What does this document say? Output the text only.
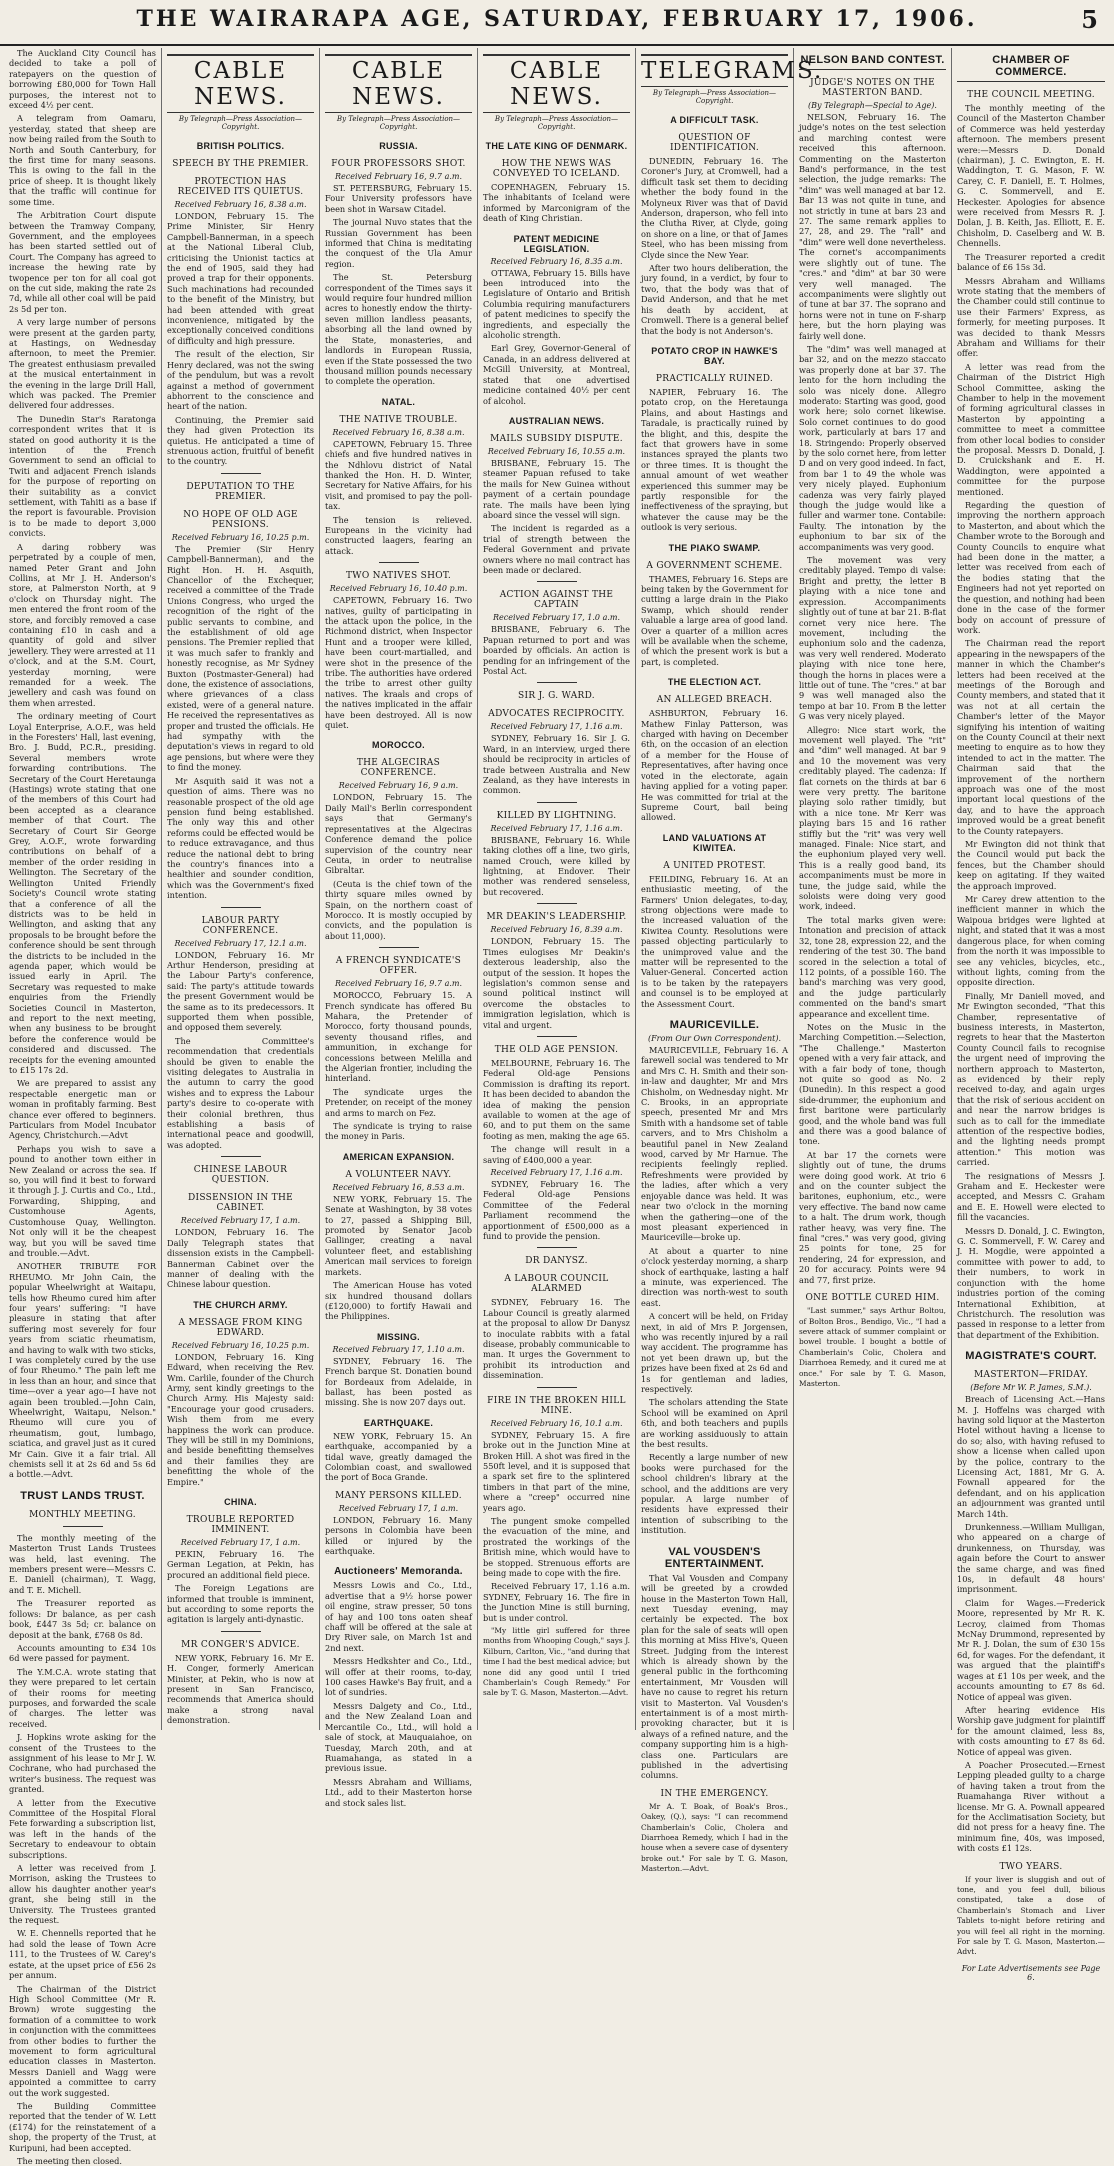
THE WAIRARAPA AGE, SATURDAY, FEBRUARY 17, 1906.	5

The Auckland City Council has decided to take a poll of ratepayers on the question of borrowing £80,000 for Town Hall purposes, the interest not to exceed 4½ per cent.

A telegram from Oamaru, yesterday, stated that sheep are now being railed from the South to North and South Canterbury, for the first time for many seasons. This is owing to the fall in the price of sheep. It is thought likely that the traffic will continue for some time.

The Arbitration Court dispute between the Tramway Company, Government, and the employees has been started settled out of Court. The Company has agreed to increase the hewing rate by twopence per ton for all coal got on the cut side, making the rate 2s 7d, while all other coal will be paid 2s 5d per ton.

A very large number of persons were present at the garden party, at Hastings, on Wednesday afternoon, to meet the Premier. The greatest enthusiasm prevailed at the musical entertainment in the evening in the large Drill Hall, which was packed. The Premier delivered four addresses.

The Dunedin Star's Raratonga correspondent writes that it is stated on good authority it is the intention of the French Government to send an official to Twiti and adjacent French islands for the purpose of reporting on their suitability as a convict settlement, with Tahiti as a base if the report is favourable. Provision is to be made to deport 3,000 convicts.

A daring robbery was perpetrated by a couple of men, named Peter Grant and John Collins, at Mr J. H. Anderson's store, at Palmerston North, at 9 o'clock on Thursday night. The men entered the front room of the store, and forcibly removed a case containing £10 in cash and a quantity of gold and silver jewellery. They were arrested at 11 o'clock, and at the S.M. Court, yesterday morning, were remanded for a week. The jewellery and cash was found on them when arrested.

The ordinary meeting of Court Loyal Enterprise, A.O.F., was held in the Foresters' Hall, last evening, Bro. J. Budd, P.C.R., presiding. Several members wrote forwarding contributions. The Secretary of the Court Heretaunga (Hastings) wrote stating that one of the members of this Court had been accepted as a clearance member of that Court. The Secretary of Court Sir George Grey, A.O.F., wrote forwarding contributions on behalf of a member of the order residing in Wellington. The Secretary of the Wellington United Friendly Society's Council wrote stating that a conference of all the districts was to be held in Wellington, and asking that any proposals to be brought before the conference should be sent through the districts to be included in the agenda paper, which would be issued early in April. The Secretary was requested to make enquiries from the Friendly Societies Council in Masterton, and report to the next meeting, when any business to be brought before the conference would be considered and discussed. The receipts for the evening amounted to £15 17s 2d.

We are prepared to assist any respectable energetic man or woman in profitably farming. Best chance ever offered to beginners. Particulars from Model Incubator Agency, Christchurch.—Advt

Perhaps you wish to save a pound to another town either in New Zealand or across the sea. If so, you will find it best to forward it through J. J. Curtis and Co., Ltd., Forwarding, Shipping, and Customhouse Agents, Customhouse Quay, Wellington. Not only will it be the cheapest way, but you will be saved time and trouble.—Advt.

ANOTHER TRIBUTE FOR RHEUMO. Mr John Cain, the popular Wheelwright at Waitapu, tells how Rheumo cured him after four years' suffering: "I have pleasure in stating that after suffering most severely for four years from sciatic rheumatism, and having to walk with two sticks, I was completely cured by the use of four Rheumo." The pain left me in less than an hour, and since that time—over a year ago—I have not again been troubled.—John Cain, Wheelwright, Waitapu, Nelson." Rheumo will cure you of rheumatism, gout, lumbago, sciatica, and gravel just as it cured Mr Cain. Give it a fair trial. All chemists sell it at 2s 6d and 5s 6d a bottle.—Advt.

TRUST LANDS TRUST.
MONTHLY MEETING.

The monthly meeting of the Masterton Trust Lands Trustees was held, last evening. The members present were—Messrs C. E. Daniell (chairman), T. Wagg, and T. E. Michell.

The Treasurer reported as follows: Dr balance, as per cash book, £447 3s 5d; cr. balance on deposit at the bank, £768 0s 8d.

Accounts amounting to £34 10s 6d were passed for payment.

The Y.M.C.A. wrote stating that they were prepared to let certain of their rooms for meeting purposes, and forwarded the scale of charges. The letter was received.

J. Hopkins wrote asking for the consent of the Trustees to the assignment of his lease to Mr J. W. Cochrane, who had purchased the writer's business. The request was granted.

A letter from the Executive Committee of the Hospital Floral Fete forwarding a subscription list, was left in the hands of the Secretary to endeavour to obtain subscriptions.

A letter was received from J. Morrison, asking the Trustees to allow his daughter another year's grant, she being still in the University. The Trustees granted the request.

W. E. Chennells reported that he had sold the lease of Town Acre 111, to the Trustees of W. Carey's estate, at the upset price of £56 2s per annum.

The Chairman of the District High School Committee (Mr R. Brown) wrote suggesting the formation of a committee to work in conjunction with the committees from other bodies to further the movement to form agricultural education classes in Masterton. Messrs Daniell and Wagg were appointed a committee to carry out the work suggested.

The Building Committee reported that the tender of W. Lett (£174) for the reinstatement of a shop, the property of the Trust, at Kuripuni, had been accepted.

The meeting then closed.

CABLE NEWS.
By Telegraph—Press Association—Copyright.
BRITISH POLITICS.
SPEECH BY THE PREMIER.
PROTECTION HAS RECEIVED ITS QUIETUS.
Received February 16, 8.38 a.m.

LONDON, February 15. The Prime Minister, Sir Henry Campbell-Bannerman, in a speech at the National Liberal Club, criticising the Unionist tactics at the end of 1905, said they had proved a trap for their opponents. Such machinations had recounded to the benefit of the Ministry, but had been attended with great inconvenience, mitigated by the exceptionally conceived conditions of difficulty and high pressure.

The result of the election, Sir Henry declared, was not the swing of the pendulum, but was a revolt against a method of government abhorrent to the conscience and heart of the nation.

Continuing, the Premier said they had given Protection its quietus. He anticipated a time of strenuous action, fruitful of benefit to the country.

DEPUTATION TO THE PREMIER.
NO HOPE OF OLD AGE PENSIONS.
Received February 16, 10.25 p.m.

The Premier (Sir Henry Campbell-Bannerman), and the Right Hon. H. H. Asquith, Chancellor of the Exchequer, received a committee of the Trade Unions Congress, who urged the recognition of the right of the public servants to combine, and the establishment of old age pensions. The Premier replied that it was much safer to frankly and honestly recognise, as Mr Sydney Buxton (Postmaster-General) had done, the existence of associations, where grievances of a class existed, were of a general nature. He received the representatives as proper and trusted the officials. He had sympathy with the deputation's views in regard to old age pensions, but where were they to find the money.

Mr Asquith said it was not a question of aims. There was no reasonable prospect of the old age pension fund being established. The only way this and other reforms could be effected would be to reduce extravagance, and thus reduce the national debt to bring the country's finances into a healthier and sounder condition, which was the Government's fixed intention.

LABOUR PARTY CONFERENCE.
Received February 17, 12.1 a.m.

LONDON, February 16. Mr Arthur Henderson, presiding at the Labour Party's conference, said: The party's attitude towards the present Government would be the same as to its predecessors. It supported them when possible, and opposed them severely.

The Committee's recommendation that credentials should be given to enable the visiting delegates to Australia in the autumn to carry the good wishes and to express the Labour party's desire to co-operate with their colonial brethren, thus establishing a basis of international peace and goodwill, was adopted.

CHINESE LABOUR QUESTION.
DISSENSION IN THE CABINET.
Received February 17, 1 a.m.

LONDON, February 16. The Daily Telegraph states that dissension exists in the Campbell-Bannerman Cabinet over the manner of dealing with the Chinese labour question.

THE CHURCH ARMY.
A MESSAGE FROM KING EDWARD.
Received February 16, 10.25 p.m.

LONDON, February 16. King Edward, when receiving the Rev. Wm. Carlile, founder of the Church Army, sent kindly greetings to the Church Army. His Majesty said: "Encourage your good crusaders. Wish them from me every happiness the work can produce. They will be still in my Dominions, and beside benefitting themselves and their families they are benefitting the whole of the Empire."

CHINA.
TROUBLE REPORTED IMMINENT.
Received February 17, 1 a.m.

PEKIN, February 16. The German Legation, at Pekin, has procured an additional field piece.

The Foreign Legations are informed that trouble is imminent, but according to some reports the agitation is largely anti-dynastic.

MR CONGER'S ADVICE.

NEW YORK, February 16. Mr E. H. Conger, formerly American Minister, at Pekin, who is now at present in San Francisco, recommends that America should make a strong naval demonstration.

CABLE NEWS.
By Telegraph—Press Association—Copyright.
RUSSIA.
FOUR PROFESSORS SHOT.
Received February 16, 9.7 a.m.

ST. PETERSBURG, February 15. Four University professors have been shot in Warsaw Citadel.

The journal Nuvo states that the Russian Government has been informed that China is meditating the conquest of the Ula Amur region.

The St. Petersburg correspondent of the Times says it would require four hundred million acres to honestly endow the thirty-seven million landless peasants, absorbing all the land owned by the State, monasteries, and landlords in European Russia, even if the State possessed the two thousand million pounds necessary to complete the operation.

NATAL.
THE NATIVE TROUBLE.
Received February 16, 8.38 a.m.

CAPETOWN, February 15. Three chiefs and five hundred natives in the Ndhlovu district of Natal thanked the Hon. H. D. Winter, Secretary for Native Affairs, for his visit, and promised to pay the poll-tax.

The tension is relieved. Europeans in the vicinity had constructed laagers, fearing an attack.

TWO NATIVES SHOT.
Received February 16, 10.40 p.m.

CAPETOWN, February 16. Two natives, guilty of participating in the attack upon the police, in the Richmond district, when Inspector Hunt and a trooper were killed, have been court-martialled, and were shot in the presence of the tribe. The authorities have ordered the tribe to arrest other guilty natives. The kraals and crops of the natives implicated in the affair have been destroyed. All is now quiet.

MOROCCO.
THE ALGECIRAS CONFERENCE.
Received February 16, 9 a.m.

LONDON, February 15. The Daily Mail's Berlin correspondent says that Germany's representatives at the Algeciras Conference demand the police supervision of the country near Ceuta, in order to neutralise Gibraltar.

(Ceuta is the chief town of the thirty square miles owned by Spain, on the northern coast of Morocco. It is mostly occupied by convicts, and the population is about 11,000).

A FRENCH SYNDICATE'S OFFER.
Received February 16, 9.7 a.m.

MOROCCO, February 15. A French syndicate has offered Bu Mahara, the Pretender of Morocco, forty thousand pounds, seventy thousand rifles, and ammunition, in exchange for concessions between Melilla and the Algerian frontier, including the hinterland.

The syndicate urges the Pretender, on receipt of the money and arms to march on Fez.

The syndicate is trying to raise the money in Paris.

AMERICAN EXPANSION.
A VOLUNTEER NAVY.
Received February 16, 8.53 a.m.

NEW YORK, February 15. The Senate at Washington, by 38 votes to 27, passed a Shipping Bill, promoted by Senator Jacob Gallinger, creating a naval volunteer fleet, and establishing American mail services to foreign markets.

The American House has voted six hundred thousand dollars (£120,000) to fortify Hawaii and the Philippines.

MISSING.
Received February 17, 1.10 a.m.

SYDNEY, February 16. The French barque St. Donatien bound for Bordeaux from Adelaide, in ballast, has been posted as missing. She is now 207 days out.

EARTHQUAKE.

NEW YORK, February 15. An earthquake, accompanied by a tidal wave, greatly damaged the Colombian coast, and swallowed the port of Boca Grande.

MANY PERSONS KILLED.
Received February 17, 1 a.m.

LONDON, February 16. Many persons in Colombia have been killed or injured by the earthquake.

Auctioneers' Memoranda.

Messrs Lowis and Co., Ltd., advertise that a 9½ horse power oil engine, straw presser, 50 tons of hay and 100 tons oaten sheaf chaff will be offered at the sale at Dry River sale, on March 1st and 2nd next.

Messrs Hedkshter and Co., Ltd., will offer at their rooms, to-day, 100 cases Hawke's Bay fruit, and a lot of sundries.

Messrs Dalgety and Co., Ltd., and the New Zealand Loan and Mercantile Co., Ltd., will hold a sale of stock, at Mauquaiahoe, on Tuesday, March 20th, and at Ruamahanga, as stated in a previous issue.

Messrs Abraham and Williams, Ltd., add to their Masterton horse and stock sales list.

CABLE NEWS.
By Telegraph—Press Association—Copyright.
THE LATE KING OF DENMARK.
HOW THE NEWS WAS CONVEYED TO ICELAND.

COPENHAGEN, February 15. The inhabitants of Iceland were informed by Marconigram of the death of King Christian.

PATENT MEDICINE LEGISLATION.
Received February 16, 8.35 a.m.

OTTAWA, February 15. Bills have been introduced into the Legislature of Ontario and British Columbia requiring manufacturers of patent medicines to specify the ingredients, and especially the alcoholic strength.

Earl Grey, Governor-General of Canada, in an address delivered at McGill University, at Montreal, stated that one advertised medicine contained 40½ per cent of alcohol.

AUSTRALIAN NEWS.
MAILS SUBSIDY DISPUTE.
Received February 16, 10.55 a.m.

BRISBANE, February 15. The steamer Papuan refused to take the mails for New Guinea without payment of a certain poundage rate. The mails have been lying aboard since the vessel will sign.

The incident is regarded as a trial of strength between the Federal Government and private owners where no mail contract has been made or declared.

ACTION AGAINST THE CAPTAIN
Received February 17, 1.0 a.m.

BRISBANE, February 6. The Papuan returned to port and was boarded by officials. An action is pending for an infringement of the Postal Act.

SIR J. G. WARD.
ADVOCATES RECIPROCITY.
Received February 17, 1.16 a.m.

SYDNEY, February 16. Sir J. G. Ward, in an interview, urged there should be reciprocity in articles of trade between Australia and New Zealand, as they have interests in common.

KILLED BY LIGHTNING.
Received February 17, 1.16 a.m.

BRISBANE, February 16. While taking clothes off a line, two girls, named Crouch, were killed by lightning, at Endover. Their mother was rendered senseless, but recovered.

MR DEAKIN'S LEADERSHIP.
Received February 16, 8.39 a.m.

LONDON, February 15. The Times eulogises Mr Deakin's dexterous leadership, also the output of the session. It hopes the legislation's common sense and sound political instinct will overcome the obstacles to immigration legislation, which is vital and urgent.

THE OLD AGE PENSION.

MELBOURNE, February 16. The Federal Old-age Pensions Commission is drafting its report. It has been decided to abandon the idea of making the pension available to women at the age of 60, and to put them on the same footing as men, making the age 65.

The change will result in a saving of £400,000 a year.

Received February 17, 1.16 a.m.

SYDNEY, February 16. The Federal Old-age Pensions Committee of the Federal Parliament recommend the apportionment of £500,000 as a fund to provide the pension.

DR DANYSZ.
A LABOUR COUNCIL ALARMED

SYDNEY, February 16. The Labour Council is greatly alarmed at the proposal to allow Dr Danysz to inoculate rabbits with a fatal disease, probably communicable to man. It urges the Government to prohibit its introduction and dissemination.

FIRE IN THE BROKEN HILL MINE.
Received February 16, 10.1 a.m.

SYDNEY, February 15. A fire broke out in the Junction Mine at Broken Hill. A shot was fired in the 550ft level, and it is supposed that a spark set fire to the splintered timbers in that part of the mine, where a "creep" occurred nine years ago.

The pungent smoke compelled the evacuation of the mine, and prostrated the workings of the British mine, which would have to be stopped. Strenuous efforts are being made to cope with the fire.

Received February 17, 1.16 a.m. SYDNEY, February 16. The fire in the Junction Mine is still burning, but is under control.

"My little girl suffered for three months from Whooping Cough," says J. Kilburn, Carlton, Vic., "and during that time I had the best medical advice; but none did any good until I tried Chamberlain's Cough Remedy." For sale by T. G. Mason, Masterton.—Advt.

TELEGRAMS.
By Telegraph—Press Association—Copyright.
A DIFFICULT TASK.
QUESTION OF IDENTIFICATION.

DUNEDIN, February 16. The Coroner's Jury, at Cromwell, had a difficult task set them to deciding whether the body found in the Molyneux River was that of David Anderson, draperson, who fell into the Clutha River, at Clyde, going on shore on a line, or that of James Steel, who has been missing from Clyde since the New Year.

After two hours deliberation, the jury found, in a verdict, by four to two, that the body was that of David Anderson, and that he met his death by accident, at Cromwell. There is a general belief that the body is not Anderson's.

POTATO CROP IN HAWKE'S BAY.
PRACTICALLY RUINED.

NAPIER, February 16. The potato crop, on the Heretaunga Plains, and about Hastings and Taradale, is practically ruined by the blight, and this, despite the fact that growers have in some instances sprayed the plants two or three times. It is thought the annual amount of wet weather experienced this summer may be partly responsible for the ineffectiveness of the spraying, but whatever the cause may be the outlook is very serious.

THE PIAKO SWAMP.
A GOVERNMENT SCHEME.

THAMES, February 16. Steps are being taken by the Government for cutting a large drain in the Piako Swamp, which should render valuable a large area of good land. Over a quarter of a million acres will be available when the scheme, of which the present work is but a part, is completed.

THE ELECTION ACT.
AN ALLEGED BREACH.

ASHBURTON, February 16. Mathew Finlay Patterson, was charged with having on December 6th, on the occasion of an election of a member for the House of Representatives, after having once voted in the electorate, again having applied for a voting paper. He was committed for trial at the Supreme Court, bail being allowed.

LAND VALUATIONS AT KIWITEA.
A UNITED PROTEST.

FEILDING, February 16. At an enthusiastic meeting, of the Farmers' Union delegates, to-day, strong objections were made to the increased valuation of the Kiwitea County. Resolutions were passed objecting particularly to the unimproved value and the matter will be represented to the Valuer-General. Concerted action is to be taken by the ratepayers and counsel is to be employed at the Assessment Court.

MAURICEVILLE.
(From Our Own Correspondent).

MAURICEVILLE, February 16. A farewell social was tendered to Mr and Mrs C. H. Smith and their son-in-law and daughter, Mr and Mrs Chisholm, on Wednesday night. Mr C. Brooks, in an appropriate speech, presented Mr and Mrs Smith with a handsome set of table carvers, and to Mrs Chisholm a beautiful panel in New Zealand wood, carved by Mr Harnue. The recipients feelingly replied. Refreshments were provided by the ladies, after which a very enjoyable dance was held. It was near two o'clock in the morning when the gathering—one of the most pleasant experienced in Mauriceville—broke up.

At about a quarter to nine o'clock yesterday morning, a sharp shock of earthquake, lasting a half a minute, was experienced. The direction was north-west to south east.

A concert will be held, on Friday next, in aid of Mrs P. Jorgensen, who was recently injured by a rail way accident. The programme has not yet been drawn up, but the prizes have been fixed at 2s 6d and 1s for gentleman and ladies, respectively.

The scholars attending the State School will be examined on April 6th, and both teachers and pupils are working assiduously to attain the best results.

Recently a large number of new books were purchased for the school children's library at the school, and the additions are very popular. A large number of residents have expressed their intention of subscribing to the institution.

VAL VOUSDEN'S ENTERTAINMENT.

That Val Vousden and Company will be greeted by a crowded house in the Masterton Town Hall, next Tuesday evening, may certainly be expected. The box plan for the sale of seats will open this morning at Miss Hive's, Queen Street. Judging from the interest which is already shown by the general public in the forthcoming entertainment, Mr Vousden will have no cause to regret his return visit to Masterton. Val Vousden's entertainment is of a most mirth-provoking character, but it is always of a refined nature, and the company supporting him is a high-class one. Particulars are published in the advertising columns.

IN THE EMERGENCY.

Mr A. T. Boak, of Boak's Bros., Oakey, (Q.), says: "I can recommend Chamberlain's Colic, Cholera and Diarrhoea Remedy, which I had in the house when a severe case of dysentery broke out." For sale by T. G. Mason, Masterton.—Advt.

NELSON BAND CONTEST.
JUDGE'S NOTES ON THE MASTERTON BAND.
(By Telegraph—Special to Age).

NELSON, February 16. The judge's notes on the test selection and marching contest were received this afternoon. Commenting on the Masterton Band's performance, in the test selection, the judge remarks: The "dim" was well managed at bar 12. Bar 13 was not quite in tune, and not strictly in tune at bars 23 and 27. The same remark applies to 27, 28, and 29. The "rall" and "dim" were well done nevertheless. The cornet's accompaniments were slightly out of tune. The "cres." and "dim" at bar 30 were very well managed. The accompaniments were slightly out of tune at bar 37. The soprano and horns were not in tune on F-sharp here, but the horn playing was fairly well done.

The "dim" was well managed at bar 32, and on the mezzo staccato was properly done at bar 37. The lento for the horn including the solo was nicely done. Allegro moderato: Starting was good, good work here; solo cornet likewise. Solo cornet continues to do good work, particularly at bars 17 and 18. Stringendo: Properly observed by the solo cornet here, from letter D and on very good indeed. In fact, from bar 1 to 49 the whole was very nicely played. Euphonium cadenza was very fairly played though the judge would like a fuller and warmer tone. Contabile: Faulty. The intonation by the euphonium to bar six of the accompaniments was very good.

The movement was very creditably played. Tempo di valse: Bright and pretty, the letter B playing with a nice tone and expression. Accompaniments slightly out of tune at bar 21. B-flat cornet very nice here. The movement, including the euphonium solo and the cadenza, was very well rendered. Moderato playing with nice tone here, though the horns in places were a little out of tune. The "cres." at bar 9 was well managed also the tempo at bar 10. From B the letter G was very nicely played.

Allegro: Nice start work, the movement well played. The "rit" and "dim" well managed. At bar 9 and 10 the movement was very creditably played. The cadenza: If flat cornets on the thirds at bar 6 were very pretty. The baritone playing solo rather timidly, but with a nice tone. Mr Kerr was playing bars 15 and 16 rather stiffly but the "rit" was very well managed. Finale: Nice start, and the euphonium played very well. This is a really good band, its accompaniments must be more in tune, the judge said, while the soloists were doing very good work, indeed.

The total marks given were: Intonation and precision of attack 32, tone 28, expression 22, and the rendering of the test 30. The band scored in the selection a total of 112 points, of a possible 160. The band's marching was very good, and the judge particularly commented on the band's smart appearance and excellent time.

Notes on the Music in the Marching Competition.—Selection, "The Challenge." Masterton opened with a very fair attack, and with a fair body of tone, though not quite so good as No. 2 (Dunedin). In this respect a good side-drummer, the euphonium and first baritone were particularly good, and the whole band was full and there was a good balance of tone.

At bar 17 the cornets were slightly out of tune, the drums were doing good work. At trio 6 and on the counter subject the baritones, euphonium, etc., were very effective. The band now came to a halt. The drum work, though rather heavy, was very fine. The final "cres." was very good, giving 25 points for tone, 25 for rendering, 24 for expression, and 20 for accuracy. Points were 94 and 77, first prize.

ONE BOTTLE CURED HIM.

"Last summer," says Arthur Boltou, of Bolton Bros., Bendigo, Vic., "I had a severe attack of summer complaint or bowel trouble. I bought a bottle of Chamberlain's Colic, Cholera and Diarrhoea Remedy, and it cured me at once." For sale by T. G. Mason, Masterton.

CHAMBER OF COMMERCE.
THE COUNCIL MEETING.

The monthly meeting of the Council of the Masterton Chamber of Commerce was held yesterday afternoon. The members present were:—Messrs D. Donald (chairman), J. C. Ewington, E. H. Waddington, T. G. Mason, F. W. Carey, C. F. Daniell, E. T. Holmes, G. C. Sommervell, and E. Heckester. Apologies for absence were received from Messrs R. J. Dolan, J. B. Keith, Jas. Elliott, E. E. Chisholm, D. Caselberg and W. B. Chennells.

The Treasurer reported a credit balance of £6 15s 3d.

Messrs Abraham and Williams wrote stating that the members of the Chamber could still continue to use their Farmers' Express, as formerly, for meeting purposes. It was decided to thank Messrs Abraham and Williams for their offer.

A letter was read from the Chairman of the District High School Committee, asking the Chamber to help in the movement of forming agricultural classes in Masterton by appointing a committee to meet a committee from other local bodies to consider the proposal. Messrs D. Donald, J. D. Cruickshank and E. H. Waddington, were appointed a committee for the purpose mentioned.

Regarding the question of improving the northern approach to Masterton, and about which the Chamber wrote to the Borough and County Councils to enquire what had been done in the matter, a letter was received from each of the bodies stating that the Engineers had not yet reported on the question, and nothing had been done in the case of the former body on account of pressure of work.

The Chairman read the report appearing in the newspapers of the manner in which the Chamber's letters had been received at the meetings of the Borough and County members, and stated that it was not at all certain the Chamber's letter of the Mayor signifying his intention of waiting on the County Council at their next meeting to enquire as to how they intended to act in the matter. The Chairman said that the improvement of the northern approach was one of the most important local questions of the day, and to have the approach improved would be a great benefit to the County ratepayers.

Mr Ewington did not think that the Council would put back the fences, but the Chamber should keep on agitating. If they waited the approach improved.

Mr Carey drew attention to the inefficient manner in which the Waipoua bridges were lighted at night, and stated that it was a most dangerous place, for when coming from the north it was impossible to see any vehicles, bicycles, etc., without lights, coming from the opposite direction.

Finally, Mr Daniell moved, and Mr Ewington seconded, "That this Chamber, representative of business interests, in Masterton, regrets to hear that the Masterton County Council fails to recognise the urgent need of improving the northern approach to Masterton, as evidenced by their reply received to-day, and again urges that the risk of serious accident on and near the narrow bridges is such as to call for the immediate attention of the respective bodies, and the lighting needs prompt attention." This motion was carried.

The resignations of Messrs J. Graham and E. Heckester were accepted, and Messrs C. Graham and E. E. Howell were elected to fill the vacancies.

Messrs D. Donald, J. C. Ewington, G. C. Sommervell, F. W. Carey and J. H. Mogdie, were appointed a committee with power to add, to their numbers, to work in conjunction with the home industries portion of the coming International Exhibition, at Christchurch. The resolution was passed in response to a letter from that department of the Exhibition.

MAGISTRATE'S COURT.
MASTERTON—FRIDAY.
(Before Mr W. P. James, S.M.).

Breach of Licensing Act.—Hans M. J. Hoffelns was charged with having sold liquor at the Masterton Hotel without having a license to do so; also, with having refused to show a license when called upon by the police, contrary to the Licensing Act, 1881, Mr G. A. Fownall appeared for the defendant, and on his application an adjournment was granted until March 14th.

Drunkenness.—William Mulligan, who appeared on a charge of drunkenness, on Thursday, was again before the Court to answer the same charge, and was fined 10s, in default 48 hours' imprisonment.

Claim for Wages.—Frederick Moore, represented by Mr R. K. Lecroy, claimed from Thomas McNay Drummond, represented by Mr R. J. Dolan, the sum of £30 15s 6d, for wages. For the defendant, it was argued that the plaintiff's wages at £1 10s per week, and the accounts amounting to £7 8s 6d. Notice of appeal was given.

After hearing evidence His Worship gave judgment for plaintiff for the amount claimed, less 8s, with costs amounting to £7 8s 6d. Notice of appeal was given.

A Poacher Prosecuted.—Ernest Lepping pleaded guilty to a charge of having taken a trout from the Ruamahanga River without a license. Mr G. A. Pownall appeared for the Acclimatisation Society, but did not press for a heavy fine. The minimum fine, 40s, was imposed, with costs £1 12s.

TWO YEARS.

If your liver is sluggish and out of tone, and you feel dull, bilious constipated, take a dose of Chamberlain's Stomach and Liver Tablets to-night before retiring and you will feel all right in the morning. For sale by T. G. Mason, Masterton.—Advt.

For Late Advertisements see Page 6.
